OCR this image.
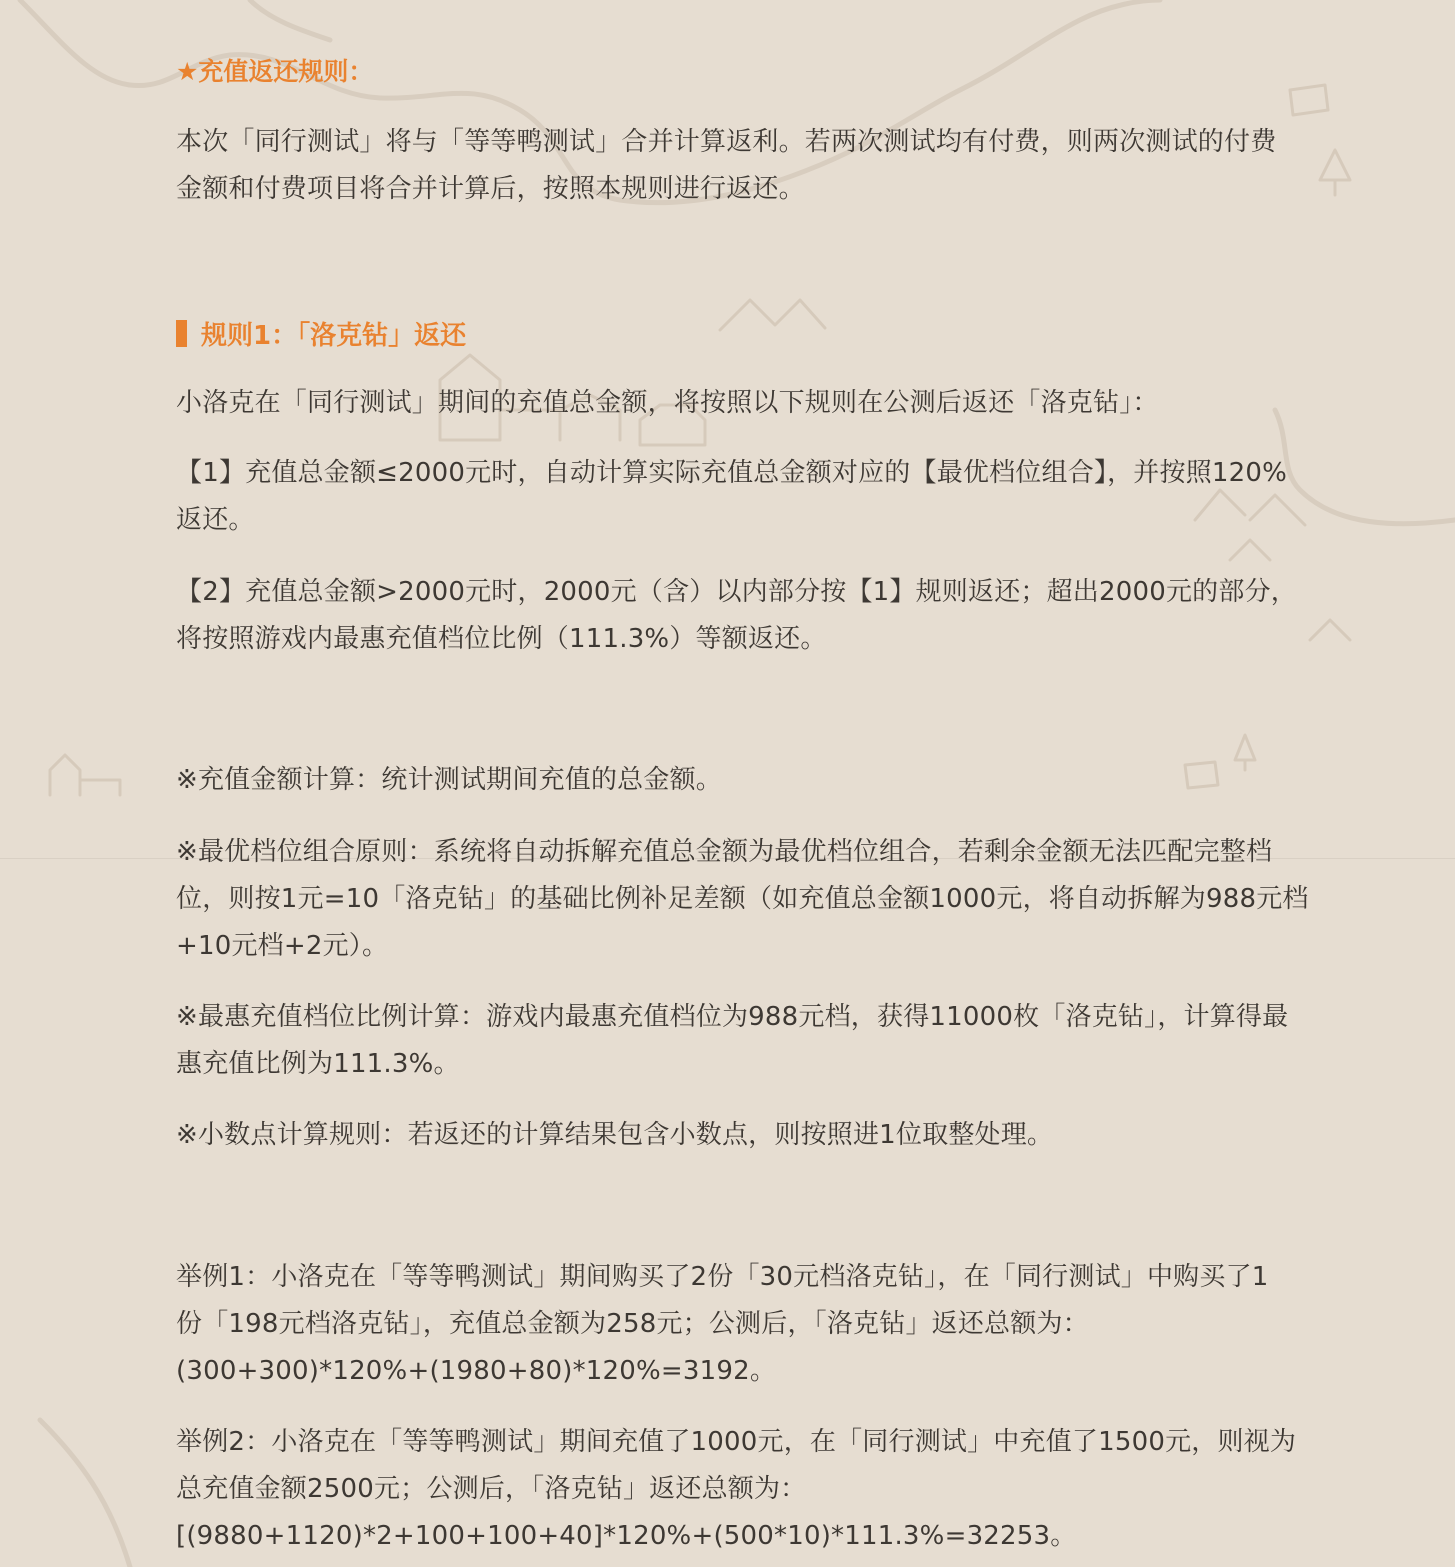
★充值返还规则：

本次「同行测试」将与「等等鸭测试」合并计算返利。若两次测试均有付费，则两次测试的付费
金额和付费项目将合并计算后，按照本规则进行返还。

规则1：「洛克钻」返还

小洛克在「同行测试」期间的充值总金额，将按照以下规则在公测后返还「洛克钻」：

【1】充值总金额≤2000元时，自动计算实际充值总金额对应的【最优档位组合】，并按照120%
返还。

【2】充值总金额>2000元时，2000元（含）以内部分按【1】规则返还；超出2000元的部分，
将按照游戏内最惠充值档位比例（111.3%）等额返还。

※充值金额计算：统计测试期间充值的总金额。

※最优档位组合原则：系统将自动拆解充值总金额为最优档位组合，若剩余金额无法匹配完整档
位，则按1元=10「洛克钻」的基础比例补足差额（如充值总金额1000元，将自动拆解为988元档
+10元档+2元）。

※最惠充值档位比例计算：游戏内最惠充值档位为988元档，获得11000枚「洛克钻」，计算得最
惠充值比例为111.3%。

※小数点计算规则：若返还的计算结果包含小数点，则按照进1位取整处理。

举例1：小洛克在「等等鸭测试」期间购买了2份「30元档洛克钻」，在「同行测试」中购买了1
份「198元档洛克钻」，充值总金额为258元；公测后，「洛克钻」返还总额为：
(300+300)*120%+(1980+80)*120%=3192。

举例2：小洛克在「等等鸭测试」期间充值了1000元，在「同行测试」中充值了1500元，则视为
总充值金额2500元；公测后，「洛克钻」返还总额为：
[(9880+1120)*2+100+100+40]*120%+(500*10)*111.3%=32253。
